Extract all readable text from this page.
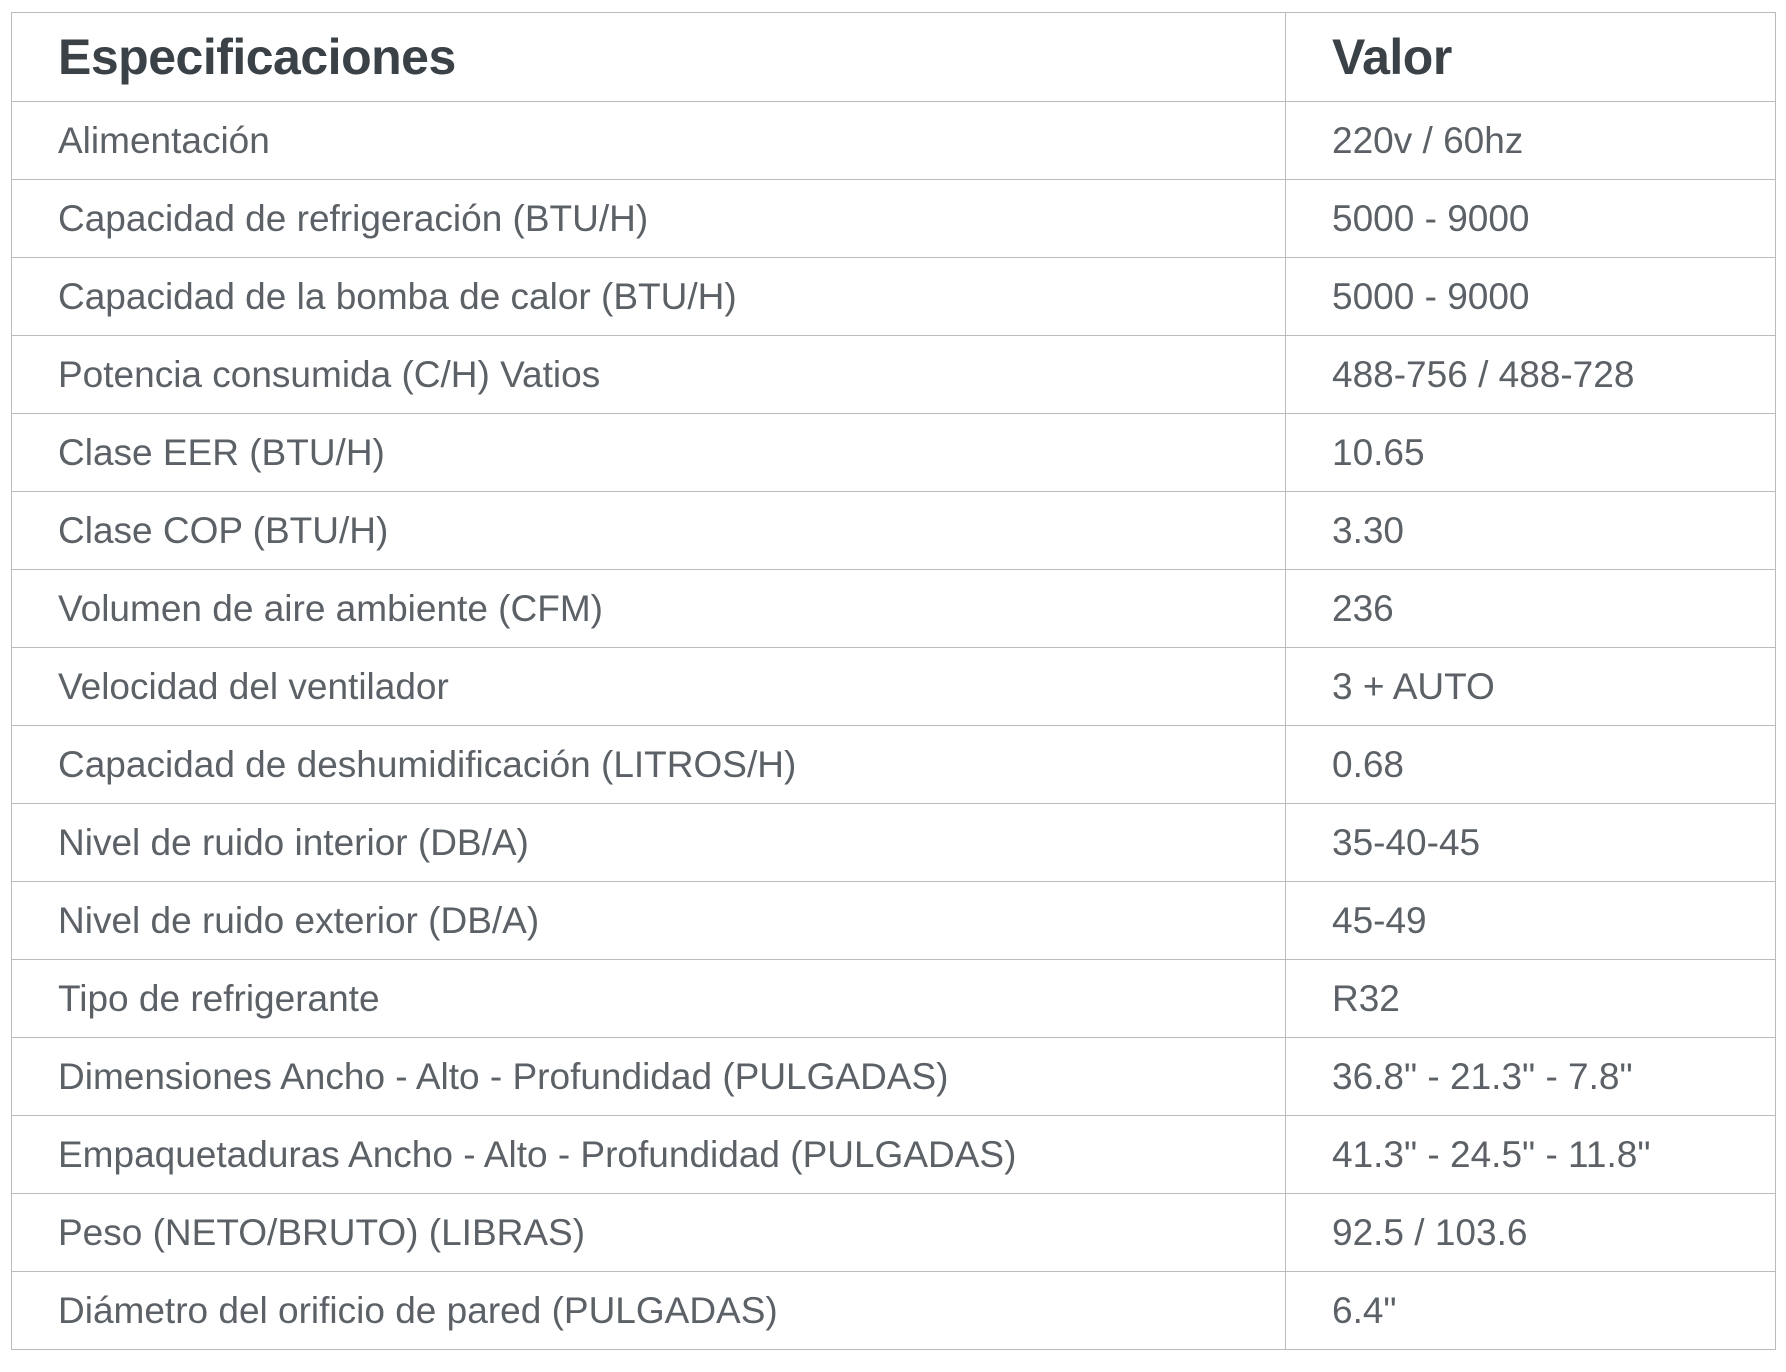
Especificaciones	Valor
Alimentación	220v / 60hz
Capacidad de refrigeración (BTU/H)	5000 - 9000
Capacidad de la bomba de calor (BTU/H)	5000 - 9000
Potencia consumida (C/H) Vatios	488-756 / 488-728
Clase EER (BTU/H)	10.65
Clase COP (BTU/H)	3.30
Volumen de aire ambiente (CFM)	236
Velocidad del ventilador	3 + AUTO
Capacidad de deshumidificación (LITROS/H)	0.68
Nivel de ruido interior (DB/A)	35-40-45
Nivel de ruido exterior (DB/A)	45-49
Tipo de refrigerante	R32
Dimensiones Ancho - Alto - Profundidad (PULGADAS)	36.8" - 21.3" - 7.8"
Empaquetaduras Ancho - Alto - Profundidad (PULGADAS)	41.3" - 24.5" - 11.8"
Peso (NETO/BRUTO) (LIBRAS)	92.5 / 103.6
Diámetro del orificio de pared (PULGADAS)	6.4"
